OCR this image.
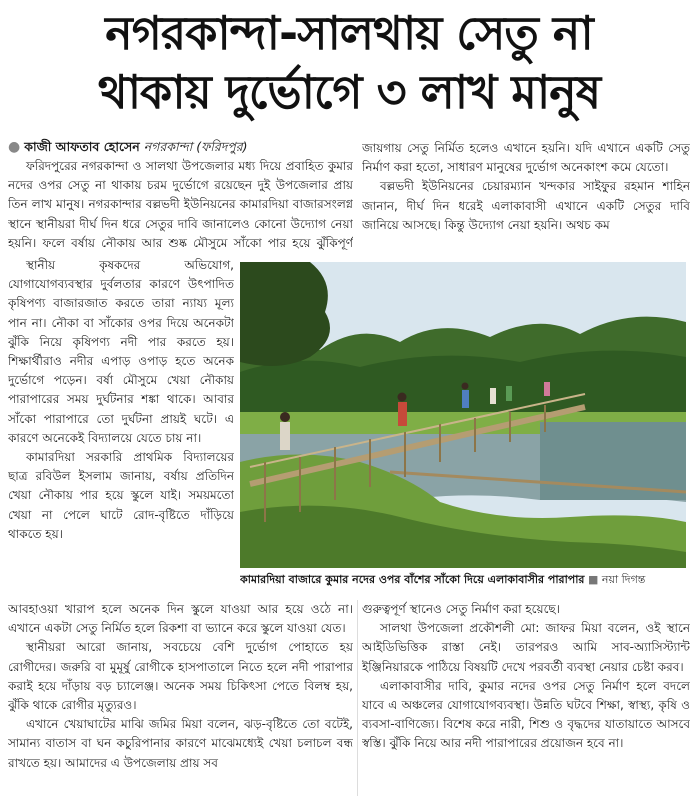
নগরকান্দা-সালথায় সেতু না
থাকায় দুর্ভোগে ৩ লাখ মানুষ
● কাজী আফতাব হোসেন নগরকান্দা (ফরিদপুর)

ফরিদপুরের নগরকান্দা ও সালথা উপজেলার মধ্য দিয়ে প্রবাহিত কুমার নদের ওপর সেতু না থাকায় চরম দুর্ভোগে রয়েছেন দুই উপজেলার প্রায় তিন লাখ মানুষ। নগরকান্দার বল্লভদী ইউনিয়নের কামারদিয়া বাজারসংলগ্ন স্থানে স্থানীয়রা দীর্ঘ দিন ধরে সেতুর দাবি জানালেও কোনো উদ্যোগ নেয়া হয়নি। ফলে বর্ষায় নৌকায় আর শুষ্ক মৌসুমে সাঁকো পার হয়ে ঝুঁকিপূর্ণ

জায়গায় সেতু নির্মিত হলেও এখানে হয়নি। যদি এখানে একটি সেতু নির্মাণ করা হতো, সাধারণ মানুষের দুর্ভোগ অনেকাংশ কমে যেতো।

বল্লভদী ইউনিয়নের চেয়ারম্যান খন্দকার সাইফুর রহমান শাহিন জানান, দীর্ঘ দিন ধরেই এলাকাবাসী এখানে একটি সেতুর দাবি জানিয়ে আসছে। কিন্তু উদ্যোগ নেয়া হয়নি। অথচ কম

স্থানীয় কৃষকদের অভিযোগ, যোগাযোগব্যবস্থার দুর্বলতার কারণে উৎপাদিত কৃষিপণ্য বাজারজাত করতে তারা ন্যায্য মূল্য পান না। নৌকা বা সাঁকোর ওপর দিয়ে অনেকটা ঝুঁকি নিয়ে কৃষিপণ্য নদী পার করতে হয়। শিক্ষার্থীরাও নদীর এপাড় ওপাড় হতে অনেক দুর্ভোগে পড়েন। বর্ষা মৌসুমে খেয়া নৌকায় পারাপারের সময় দুর্ঘটনার শঙ্কা থাকে। আবার সাঁকো পারাপারে তো দুর্ঘটনা প্রায়ই ঘটে। এ কারণে অনেকেই বিদ্যালয়ে যেতে চায় না।

কামারদিয়া সরকারি প্রাথমিক বিদ্যালয়ের ছাত্র রবিউল ইসলাম জানায়, বর্ষায় প্রতিদিন খেয়া নৌকায় পার হয়ে স্কুলে যাই। সময়মতো খেয়া না পেলে ঘাটে রোদ-বৃষ্টিতে দাঁড়িয়ে থাকতে হয়।

কামারদিয়া বাজারে কুমার নদের ওপর বাঁশের সাঁকো দিয়ে এলাকাবাসীর পারাপার ■ নয়া দিগন্ত

আবহাওয়া খারাপ হলে অনেক দিন স্কুলে যাওয়া আর হয়ে ওঠে না। এখানে একটা সেতু নির্মিত হলে রিকশা বা ভ্যানে করে স্কুলে যাওয়া যেত।

স্থানীয়রা আরো জানায়, সবচেয়ে বেশি দুর্ভোগ পোহাতে হয় রোগীদের। জরুরি বা মুমূর্ষু রোগীকে হাসপাতালে নিতে হলে নদী পারাপার করাই হয়ে দাঁড়ায় বড় চ্যালেঞ্জ। অনেক সময় চিকিৎসা পেতে বিলম্ব হয়, ঝুঁকি থাকে রোগীর মৃত্যুরও।

এখানে খেয়াঘাটের মাঝি জমির মিয়া বলেন, ঝড়-বৃষ্টিতে তো বটেই, সামান্য বাতাস বা ঘন কচুরিপানার কারণে মাঝেমধ্যেই খেয়া চলাচল বন্ধ রাখতে হয়। আমাদের এ উপজেলায় প্রায় সব

গুরুত্বপূর্ণ স্থানেও সেতু নির্মাণ করা হয়েছে।

সালথা উপজেলা প্রকৌশলী মো: জাফর মিয়া বলেন, ওই স্থানে আইডিভিত্তিক রাস্তা নেই। তারপরও আমি সাব-অ্যাসিস্ট্যান্ট ইঞ্জিনিয়ারকে পাঠিয়ে বিষয়টি দেখে পরবর্তী ব্যবস্থা নেয়ার চেষ্টা করব।

এলাকাবাসীর দাবি, কুমার নদের ওপর সেতু নির্মাণ হলে বদলে যাবে এ অঞ্চলের যোগাযোগব্যবস্থা। উন্নতি ঘটবে শিক্ষা, স্বাস্থ্য, কৃষি ও ব্যবসা-বাণিজ্যে। বিশেষ করে নারী, শিশু ও বৃদ্ধদের যাতায়াতে আসবে স্বস্তি। ঝুঁকি নিয়ে আর নদী পারাপারের প্রয়োজন হবে না।
